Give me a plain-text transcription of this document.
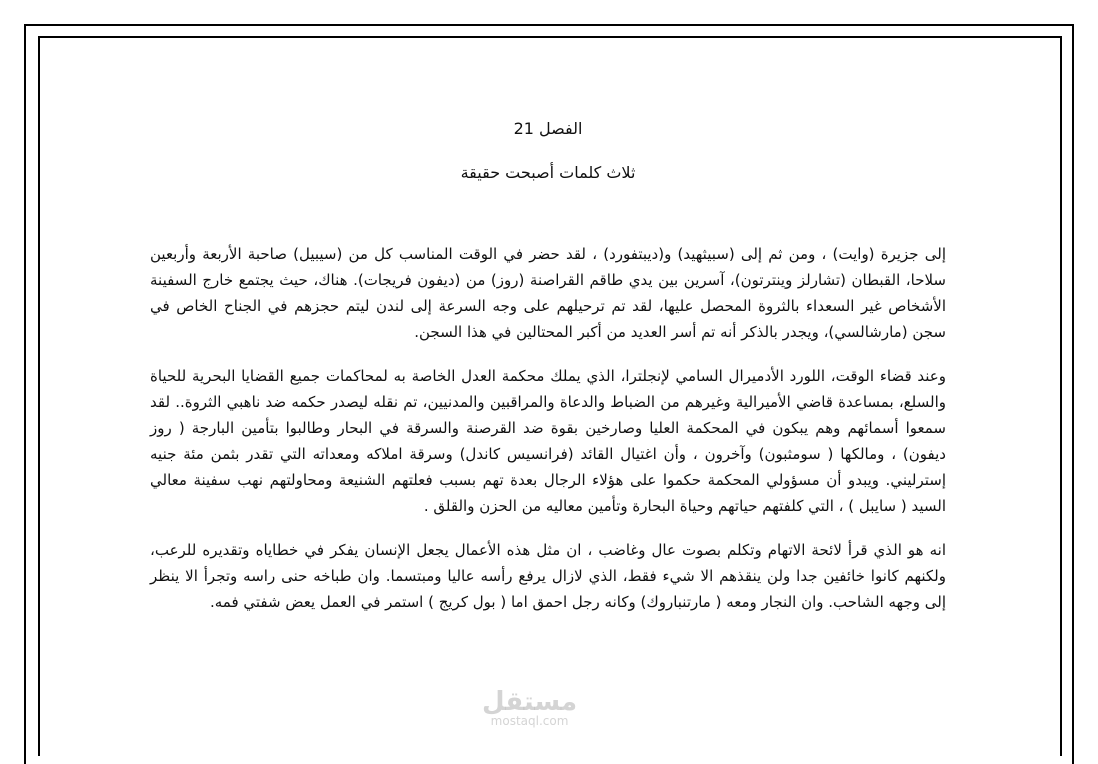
الفصل 21
ثلاث كلمات أصبحت حقيقة

إلى جزيرة (وايت) ، ومن ثم إلى (سبيثهيد) و(ديبتفورد) ، لقد حضر في الوقت المناسب كل من (سيبيل) صاحبة الأربعة وأربعين سلاحا، القبطان (تشارلز وينترتون)، آسرين بين يدي طاقم القراصنة (روز) من (ديفون فريجات). هناك، حيث يجتمع خارج السفينة الأشخاص غير السعداء بالثروة المحصل عليها، لقد تم ترحيلهم على وجه السرعة إلى لندن ليتم حجزهم في الجناح الخاص في سجن (مارشالسي)، ويجدر بالذكر أنه تم أسر العديد من أكبر المحتالين في هذا السجن.

وعند قضاء الوقت، اللورد الأدميرال السامي لإنجلترا، الذي يملك محكمة العدل الخاصة به لمحاكمات جميع القضايا البحرية للحياة والسلع، بمساعدة قاضي الأميرالية وغيرهم من الضباط والدعاة والمراقبين والمدنيين، تم نقله ليصدر حكمه ضد ناهبي الثروة.. لقد سمعوا أسمائهم وهم يبكون في المحكمة العليا وصارخين بقوة ضد القرصنة والسرقة في البحار وطالبوا بتأمين البارجة ( روز ديفون) ، ومالكها ( سومثبون) وآخرون ، وأن اغتيال القائد (فرانسيس كاندل) وسرقة املاكه ومعداته التي تقدر بثمن مئة جنيه إسترليني. ويبدو أن مسؤولي المحكمة حكموا على هؤلاء الرجال بعدة تهم بسبب فعلتهم الشنيعة ومحاولتهم نهب سفينة معالي السيد ( سايبل ) ، التي كلفتهم حياتهم وحياة البحارة وتأمين معاليه من الحزن والقلق .

انه هو الذي قرأ لائحة الاتهام وتكلم بصوت عال وغاضب ، ان مثل هذه الأعمال يجعل الإنسان يفكر في خطاياه وتقديره للرعب، ولكنهم كانوا خائفين جدا ولن ينقذهم الا شيء فقط، الذي لازال يرفع رأسه عاليا ومبتسما. وان طباخه حنى راسه وتجرأ الا ينظر إلى وجهه الشاحب. وان النجار ومعه ( مارتنباروك) وكانه رجل احمق اما ( بول كريج ) استمر في العمل يعض شفتي فمه.

مستقل
mostaql.com
